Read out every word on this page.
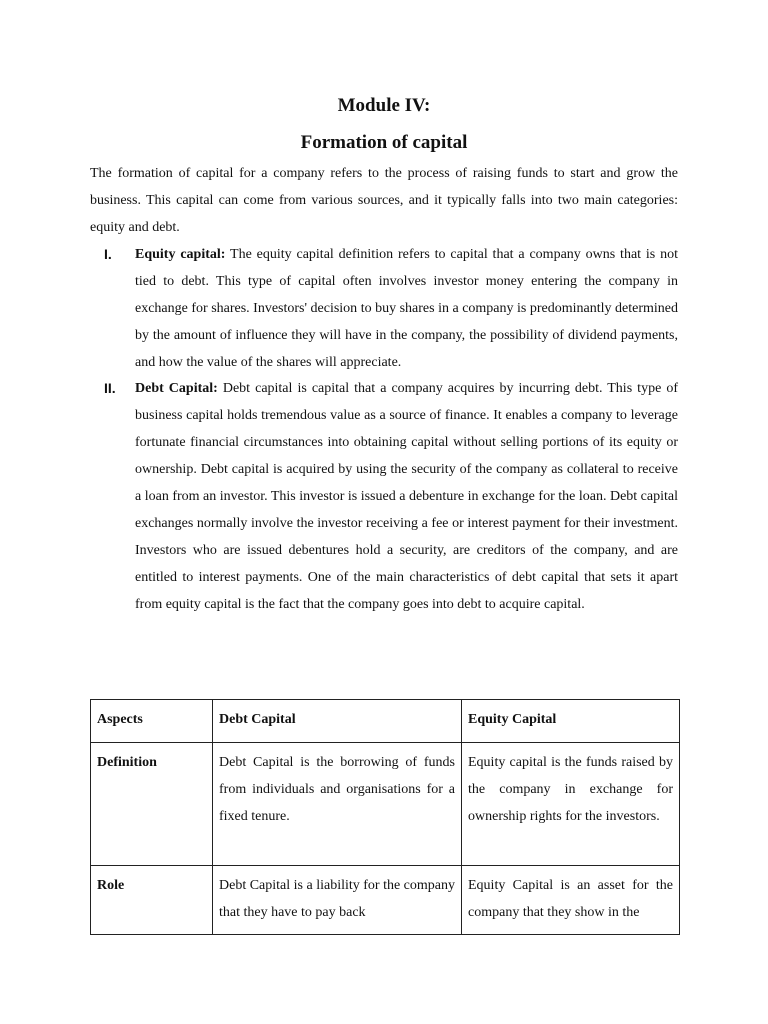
Module IV:
Formation of capital

The formation of capital for a company refers to the process of raising funds to start and grow the business. This capital can come from various sources, and it typically falls into two main categories: equity and debt.

I. Equity capital: The equity capital definition refers to capital that a company owns that is not tied to debt. This type of capital often involves investor money entering the company in exchange for shares. Investors' decision to buy shares in a company is predominantly determined by the amount of influence they will have in the company, the possibility of dividend payments, and how the value of the shares will appreciate.

II. Debt Capital: Debt capital is capital that a company acquires by incurring debt. This type of business capital holds tremendous value as a source of finance. It enables a company to leverage fortunate financial circumstances into obtaining capital without selling portions of its equity or ownership. Debt capital is acquired by using the security of the company as collateral to receive a loan from an investor. This investor is issued a debenture in exchange for the loan. Debt capital exchanges normally involve the investor receiving a fee or interest payment for their investment. Investors who are issued debentures hold a security, are creditors of the company, and are entitled to interest payments. One of the main characteristics of debt capital that sets it apart from equity capital is the fact that the company goes into debt to acquire capital.

Aspects	Debt Capital	Equity Capital
Definition	Debt Capital is the borrowing of funds from individuals and organisations for a fixed tenure.	Equity capital is the funds raised by the company in exchange for ownership rights for the investors.
Role	Debt Capital is a liability for the company that they have to pay back	Equity Capital is an asset for the company that they show in the
